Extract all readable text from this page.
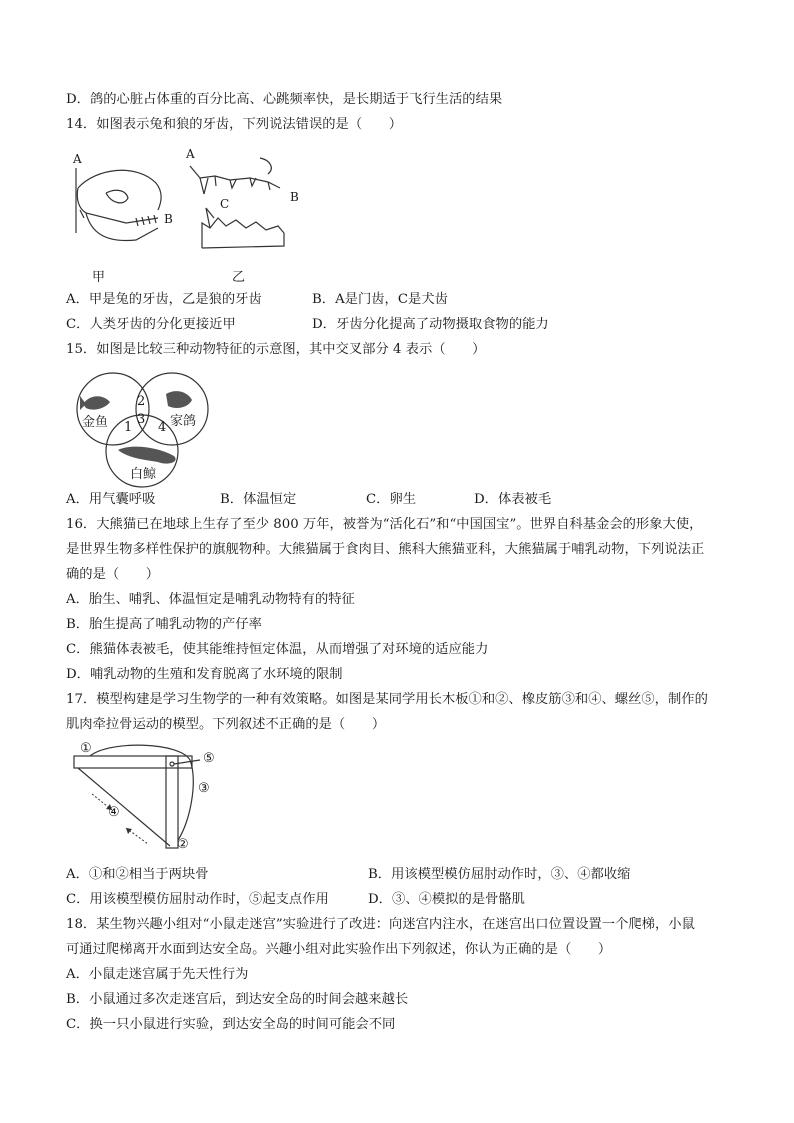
D．鸽的心脏占体重的百分比高、心跳频率快，是长期适于飞行生活的结果
14．如图表示兔和狼的牙齿，下列说法错误的是（　　）
A
B
A
B
C
甲	乙
A．甲是兔的牙齿，乙是狼的牙齿	B．A是门齿，C是犬齿
C．人类牙齿的分化更接近甲	D．牙齿分化提高了动物摄取食物的能力
15．如图是比较三种动物特征的示意图，其中交叉部分 4 表示（　　）
金鱼	家鸽
白鲸
2
3
1 4
A．用气囊呼吸	B．体温恒定	C．卵生	D．体表被毛
16．大熊猫已在地球上生存了至少 800 万年，被誉为“活化石”和“中国国宝”。世界自科基金会的形象大使，
是世界生物多样性保护的旗舰物种。大熊猫属于食肉目、熊科大熊猫亚科，大熊猫属于哺乳动物，下列说法正
确的是（　　）
A．胎生、哺乳、体温恒定是哺乳动物特有的特征
B．胎生提高了哺乳动物的产仔率
C．熊猫体表被毛，使其能维持恒定体温，从而增强了对环境的适应能力
D．哺乳动物的生殖和发育脱离了水环境的限制
17．模型构建是学习生物学的一种有效策略。如图是某同学用长木板①和②、橡皮筋③和④、螺丝⑤，制作的
肌肉牵拉骨运动的模型。下列叙述不正确的是（　　）
①
⑤
③
④
②
A．①和②相当于两块骨	B．用该模型模仿屈肘动作时，③、④都收缩
C．用该模型模仿屈肘动作时，⑤起支点作用	D．③、④模拟的是骨骼肌
18．某生物兴趣小组对“小鼠走迷宫”实验进行了改进：向迷宫内注水，在迷宫出口位置设置一个爬梯，小鼠
可通过爬梯离开水面到达安全岛。兴趣小组对此实验作出下列叙述，你认为正确的是（　　）
A．小鼠走迷宫属于先天性行为
B．小鼠通过多次走迷宫后，到达安全岛的时间会越来越长
C．换一只小鼠进行实验，到达安全岛的时间可能会不同
